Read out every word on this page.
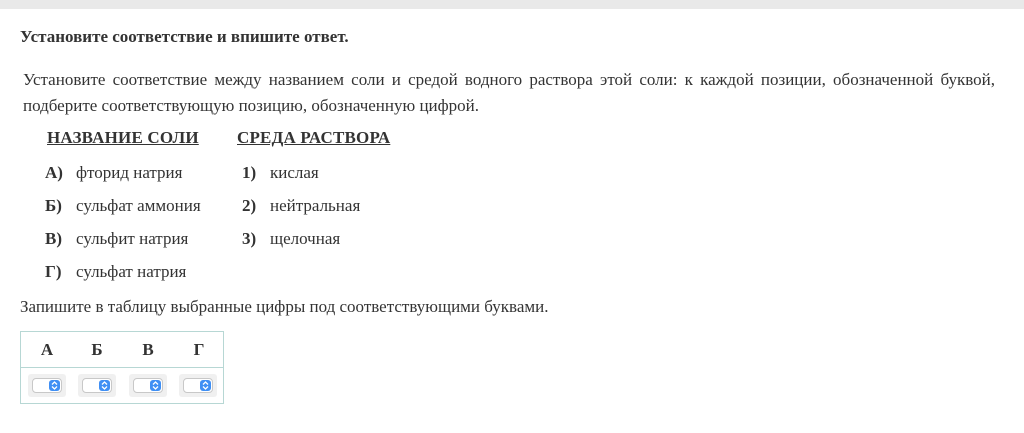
Установите соответствие и впишите ответ.
Установите соответствие между названием соли и средой водного раствора этой соли: к каждой позиции, обозначенной буквой, подберите соответствующую позицию, обозначенную цифрой.
НАЗВАНИЕ СОЛИ СРЕДА РАСТВОРА
А) фторид натрия
Б) сульфат аммония
В) сульфит натрия
Г) сульфат натрия
1) кислая
2) нейтральная
3) щелочная
Запишите в таблицу выбранные цифры под соответствующими буквами.
А	Б	В	Г
